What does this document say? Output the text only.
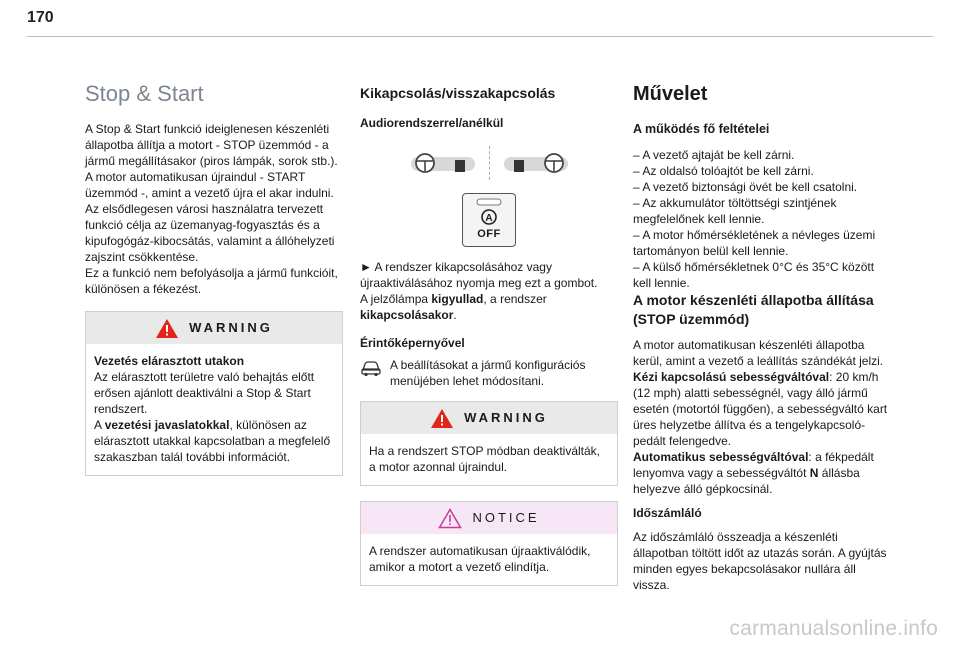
170
Stop & Start

A Stop & Start funkció ideiglenesen készenléti állapotba állítja a motort - STOP üzemmód - a jármű megállításakor (piros lámpák, sorok stb.). A motor automatikusan újraindul - START üzemmód -, amint a vezető újra el akar indulni.

Az elsődlegesen városi használatra tervezett funkció célja az üzemanyag-fogyasztás és a kipufogógáz-kibocsátás, valamint a állóhelyzeti zajszint csökkentése.

Ez a funkció nem befolyásolja a jármű funkcióit, különösen a fékezést.

WARNING

Vezetés elárasztott utakon

Az elárasztott területre való behajtás előtt erősen ajánlott deaktiválni a Stop & Start rendszert.

A vezetési javaslatokkal, különösen az elárasztott utakkal kapcsolatban a megfelelő szakaszban talál további információt.

Kikapcsolás/visszakapcsolás
Audiorendszerrel/anélkül
A
OFF

► A rendszer kikapcsolásához vagy újraaktiválásához nyomja meg ezt a gombot.

A jelzőlámpa kigyullad, a rendszer kikapcsolásakor.

Érintőképernyővel

A beállításokat a jármű konfigurációs menüjében lehet módosítani.

WARNING

Ha a rendszert STOP módban deaktiválták, a motor azonnal újraindul.

NOTICE

A rendszer automatikusan újraaktiválódik, amikor a motort a vezető elindítja.

Művelet
A működés fő feltételei
– A vezető ajtaját be kell zárni.
– Az oldalsó tolóajtót be kell zárni.
– A vezető biztonsági övét be kell csatolni.
– Az akkumulátor töltöttségi szintjének megfelelőnek kell lennie.
– A motor hőmérsékletének a névleges üzemi tartományon belül kell lennie.
– A külső hőmérsékletnek 0°C és 35°C között kell lennie.
A motor készenléti állapotba állítása (STOP üzemmód)

A motor automatikusan készenléti állapotba kerül, amint a vezető a leállítás szándékát jelzi.

Kézi kapcsolású sebességváltóval: 20 km/h (12 mph) alatti sebességnél, vagy álló jármű esetén (motortól függően), a sebességváltó kart üres helyzetbe állítva és a tengelykapcsoló-pedált felengedve.

Automatikus sebességváltóval: a fékpedált lenyomva vagy a sebességváltót N állásba helyezve álló gépkocsinál.

Időszámláló

Az időszámláló összeadja a készenléti állapotban töltött időt az utazás során. A gyújtás minden egyes bekapcsolásakor nullára áll vissza.

carmanualsonline.info
